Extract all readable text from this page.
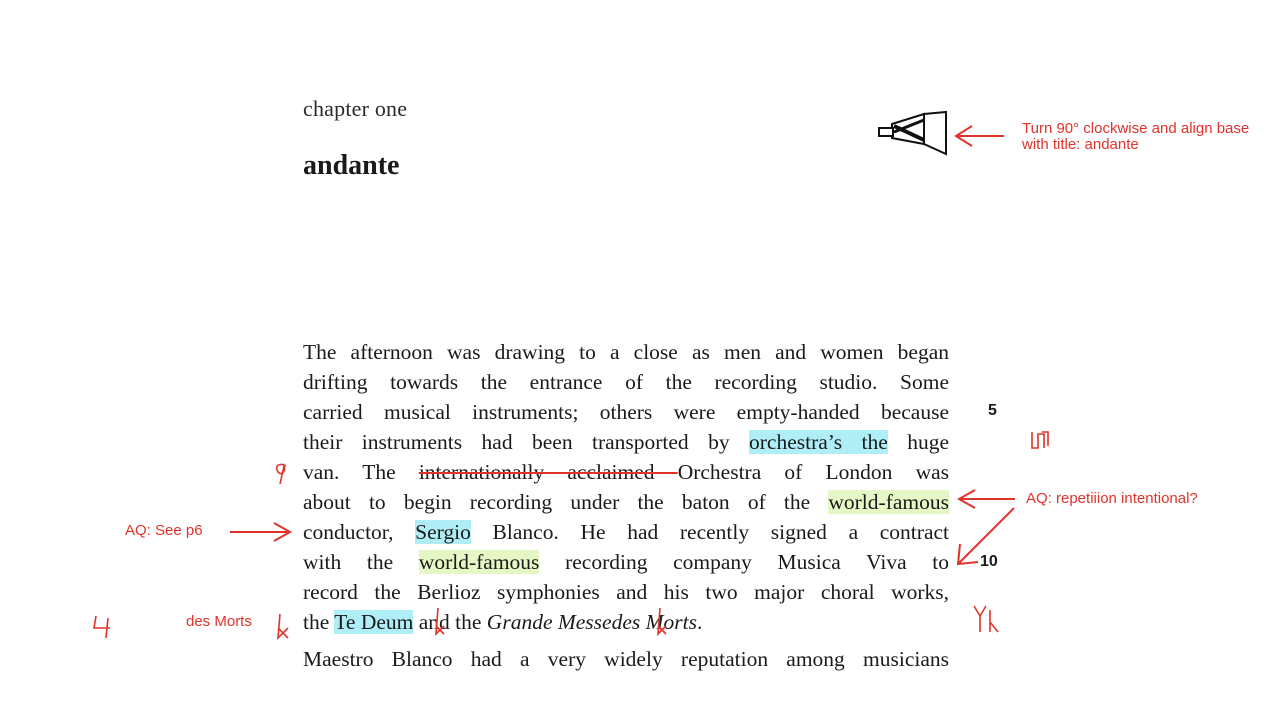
chapter one
andante
The afternoon was drawing to a close as men and women began
drifting towards the entrance of the recording studio. Some
carried musical instruments; others were empty-handed because
their instruments had been transported by orchestra’s the huge
van. The internationally acclaimed Orchestra of London was
about to begin recording under the baton of the world-famous
conductor, Sergio Blanco. He had recently signed a contract
with the world-famous recording company Musica Viva to
record the Berlioz symphonies and his two major choral works,
the Te Deum and the Grande Messedes Morts.
Maestro Blanco had a very widely reputation among musicians
5
10
Turn 90° clockwise and align base with title: andante
AQ: repetiiion intentional?
AQ: See p6
des Morts
